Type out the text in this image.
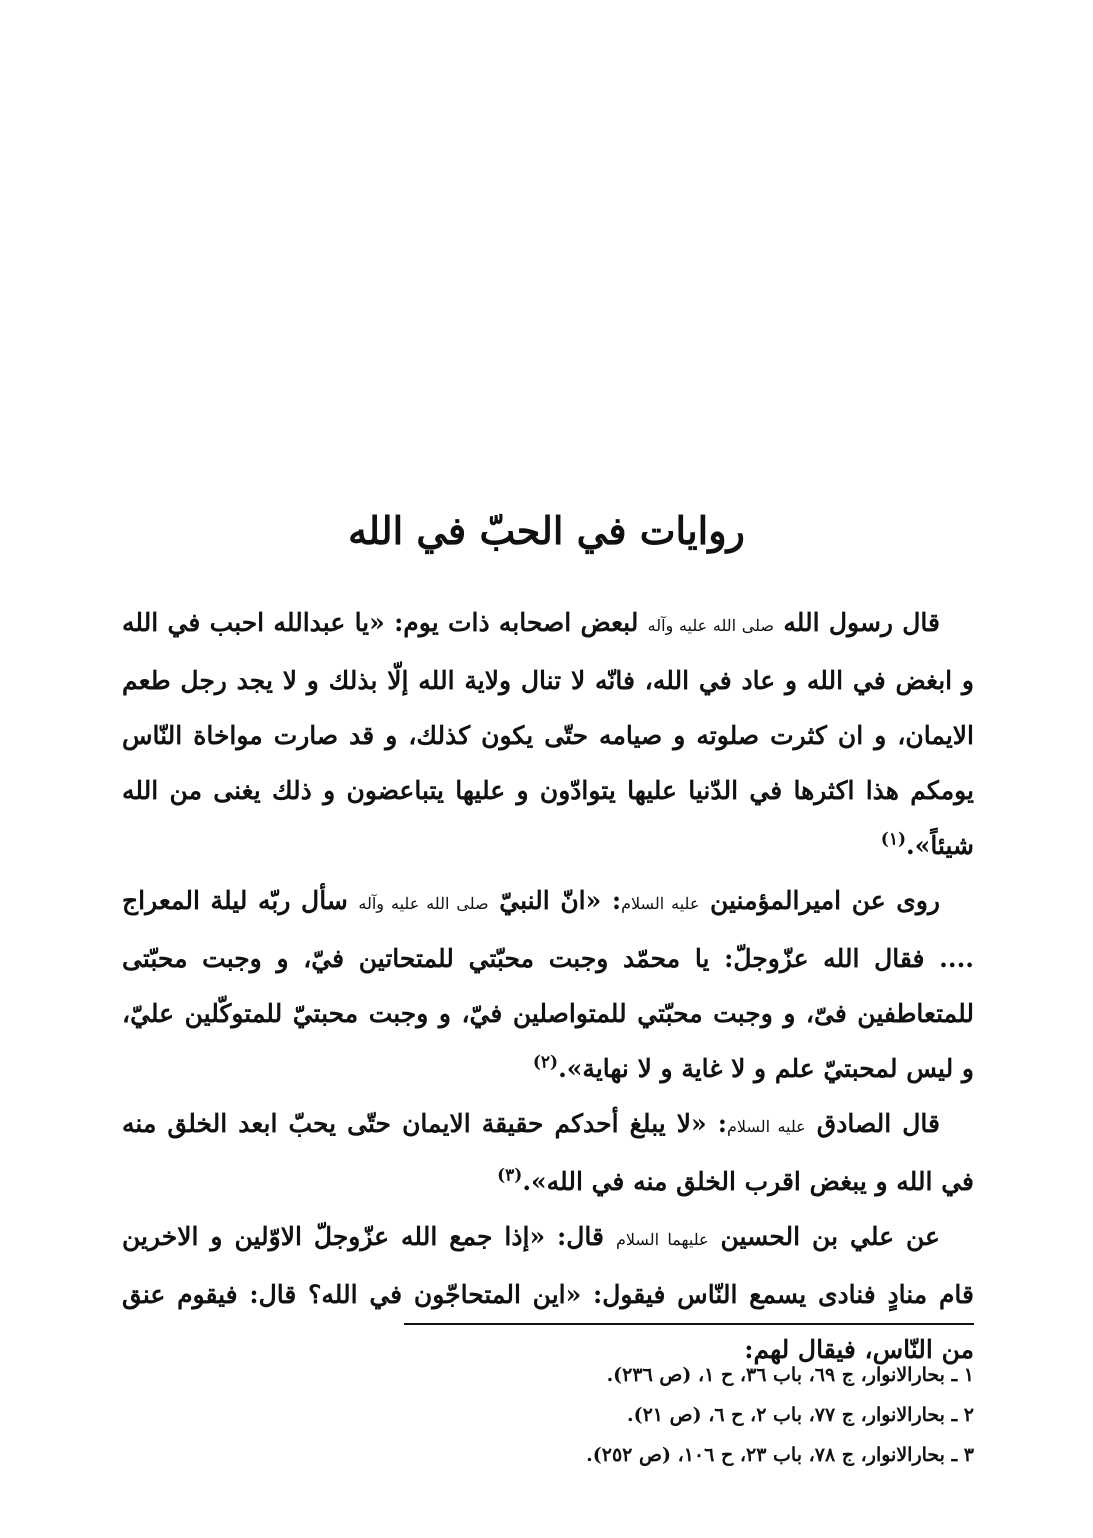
روایات في الحبّ في الله

قال رسول الله صلى الله عليه وآله لبعض اصحابه ذات یوم: «یا عبدالله احبب في الله و ابغض في الله و عاد في الله، فانّه لا تنال ولایة الله إلّا بذلك و لا یجد رجل طعم الایمان، و ان کثرت صلوته و صیامه حتّی یکون کذلك، و قد صارت مواخاة النّاس یومکم هذا اکثرها في الدّنیا علیها یتوادّون و علیها یتباعضون و ذلك یغنی من الله شیئاً».$^{(۱)}$

روی عن امیرالمؤمنین عليه السلام: «انّ النبيّ صلى الله عليه وآله سأل ربّه لیلة المعراج .... فقال الله عزّوجلّ: یا محمّد وجبت محبّتي للمتحاتین فيّ، و وجبت محبّتی للمتعاطفین فیّ، و وجبت محبّتي للمتواصلین فيّ، و وجبت محبتيّ للمتوکّلین عليّ، و لیس لمحبتيّ علم و لا غایة و لا نهایة».$^{(۲)}$

قال الصادق عليه السلام: «لا یبلغ أحدکم حقیقة الایمان حتّی یحبّ ابعد الخلق منه في الله و یبغض اقرب الخلق منه في الله».$^{(۳)}$

عن علي بن الحسین عليهما السلام قال: «إذا جمع الله عزّوجلّ الاوّلین و الاخرین قام منادٍ فنادی یسمع النّاس فیقول: «این المتحاجّون في الله؟ قال: فیقوم عنق من النّاس، فیقال لهم:

۱ ـ بحارالانوار، ج ٦٩، باب ٣٦، ح ١، (ص ٢٣٦).
۲ ـ بحارالانوار، ج ٧٧، باب ٢، ح ٦، (ص ٢١).
۳ ـ بحارالانوار، ج ٧٨، باب ٢٣، ح ١٠٦، (ص ٢٥٢).
